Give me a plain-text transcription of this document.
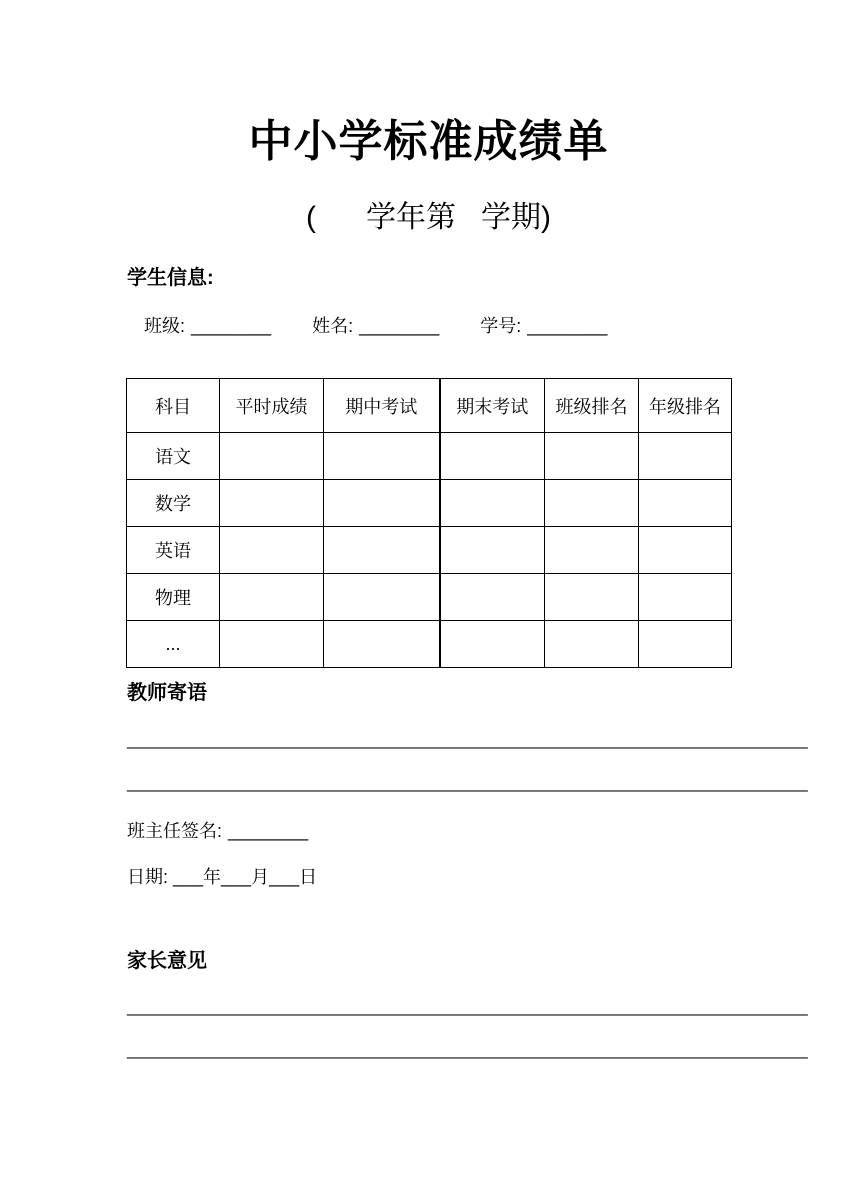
中小学标准成绩单
(      学年第   学期)
学生信息:
班级: ________ 姓名: ________ 学号: ________
科目	平时成绩	期中考试	期末考试	班级排名	年级排名
语文					
数学					
英语					
物理					
...					
教师寄语
________________________________________________________________________
________________________________________________________________________
班主任签名: ________
日期: ___年___月___日
家长意见
________________________________________________________________________
________________________________________________________________________
